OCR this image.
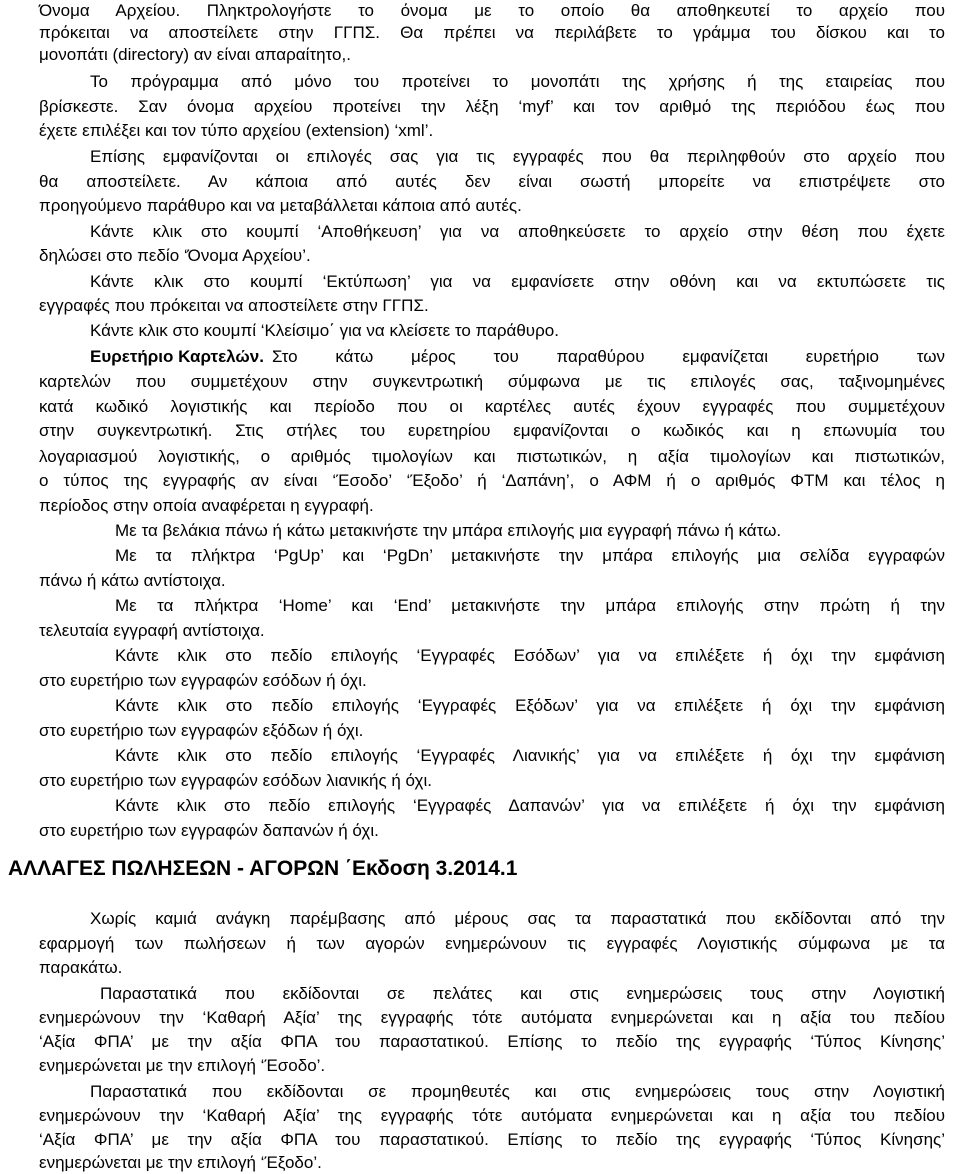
Όνομα Αρχείου. Πληκτρολογήστε το όνομα με το οποίο θα αποθηκευτεί το αρχείο που
πρόκειται να αποστείλετε στην ΓΓΠΣ. Θα πρέπει να περιλάβετε το γράμμα του δίσκου και το
μονοπάτι (directory) αν είναι απαραίτητο,.
Το πρόγραμμα από μόνο του προτείνει το μονοπάτι της χρήσης ή της εταιρείας που
βρίσκεστε. Σαν όνομα αρχείου προτείνει την λέξη ‘myf’ και τον αριθμό της περιόδου έως που
έχετε επιλέξει και τον τύπο αρχείου (extension) ‘xml’.
Επίσης εμφανίζονται οι επιλογές σας για τις εγγραφές που θα περιληφθούν στο αρχείο που
θα αποστείλετε. Αν κάποια από αυτές δεν είναι σωστή μπορείτε να επιστρέψετε στο
προηγούμενο παράθυρο και να μεταβάλλεται κάποια από αυτές.
Κάντε κλικ στο κουμπί ‘Αποθήκευση’ για να αποθηκεύσετε το αρχείο στην θέση που έχετε
δηλώσει στο πεδίο ‘Όνομα Αρχείου’.
Κάντε κλικ στο κουμπί ‘Εκτύπωση’ για να εμφανίσετε στην οθόνη και να εκτυπώσετε τις
εγγραφές που πρόκειται να αποστείλετε στην ΓΓΠΣ.
Κάντε κλικ στο κουμπί ‘Κλείσιμο΄ για να κλείσετε το παράθυρο.
Ευρετήριο Καρτελών. Στο κάτω μέρος του παραθύρου εμφανίζεται ευρετήριο των
καρτελών που συμμετέχουν στην συγκεντρωτική σύμφωνα με τις επιλογές σας, ταξινομημένες
κατά κωδικό λογιστικής και περίοδο που οι καρτέλες αυτές έχουν εγγραφές που συμμετέχουν
στην συγκεντρωτική. Στις στήλες του ευρετηρίου εμφανίζονται ο κωδικός και η επωνυμία του
λογαριασμού λογιστικής, ο αριθμός τιμολογίων και πιστωτικών, η αξία τιμολογίων και πιστωτικών,
ο τύπος της εγγραφής αν είναι ‘Έσοδο’ ‘Έξοδο’ ή ‘Δαπάνη’, ο ΑΦΜ ή ο αριθμός ΦΤΜ και τέλος η
περίοδος στην οποία αναφέρεται η εγγραφή.
Με τα βελάκια πάνω ή κάτω μετακινήστε την μπάρα επιλογής μια εγγραφή πάνω ή κάτω.
Με τα πλήκτρα ‘PgUp’ και ‘PgDn’ μετακινήστε την μπάρα επιλογής μια σελίδα εγγραφών
πάνω ή κάτω αντίστοιχα.
Με τα πλήκτρα ‘Home’ και ‘End’ μετακινήστε την μπάρα επιλογής στην πρώτη ή την
τελευταία εγγραφή αντίστοιχα.
Κάντε κλικ στο πεδίο επιλογής ‘Εγγραφές Εσόδων’ για να επιλέξετε ή όχι την εμφάνιση
στο ευρετήριο των εγγραφών εσόδων ή όχι.
Κάντε κλικ στο πεδίο επιλογής ‘Εγγραφές Εξόδων’ για να επιλέξετε ή όχι την εμφάνιση
στο ευρετήριο των εγγραφών εξόδων ή όχι.
Κάντε κλικ στο πεδίο επιλογής ‘Εγγραφές Λιανικής’ για να επιλέξετε ή όχι την εμφάνιση
στο ευρετήριο των εγγραφών εσόδων λιανικής ή όχι.
Κάντε κλικ στο πεδίο επιλογής ‘Εγγραφές Δαπανών’ για να επιλέξετε ή όχι την εμφάνιση
στο ευρετήριο των εγγραφών δαπανών ή όχι.
ΑΛΛΑΓΕΣ ΠΩΛΗΣΕΩΝ - ΑΓΟΡΩΝ ΄Εκδοση 3.2014.1
Χωρίς καμιά ανάγκη παρέμβασης από μέρους σας τα παραστατικά που εκδίδονται από την
εφαρμογή των πωλήσεων ή των αγορών ενημερώνουν τις εγγραφές Λογιστικής σύμφωνα με τα
παρακάτω.
Παραστατικά που εκδίδονται σε πελάτες και στις ενημερώσεις τους στην Λογιστική
ενημερώνουν την ‘Καθαρή Αξία’ της εγγραφής τότε αυτόματα ενημερώνεται και η αξία του πεδίου
‘Αξία ΦΠΑ’ με την αξία ΦΠΑ του παραστατικού. Επίσης το πεδίο της εγγραφής ‘Τύπος Κίνησης’
ενημερώνεται με την επιλογή ‘Έσοδο’.
Παραστατικά που εκδίδονται σε προμηθευτές και στις ενημερώσεις τους στην Λογιστική
ενημερώνουν την ‘Καθαρή Αξία’ της εγγραφής τότε αυτόματα ενημερώνεται και η αξία του πεδίου
‘Αξία ΦΠΑ’ με την αξία ΦΠΑ του παραστατικού. Επίσης το πεδίο της εγγραφής ‘Τύπος Κίνησης’
ενημερώνεται με την επιλογή ‘Έξοδο’.
